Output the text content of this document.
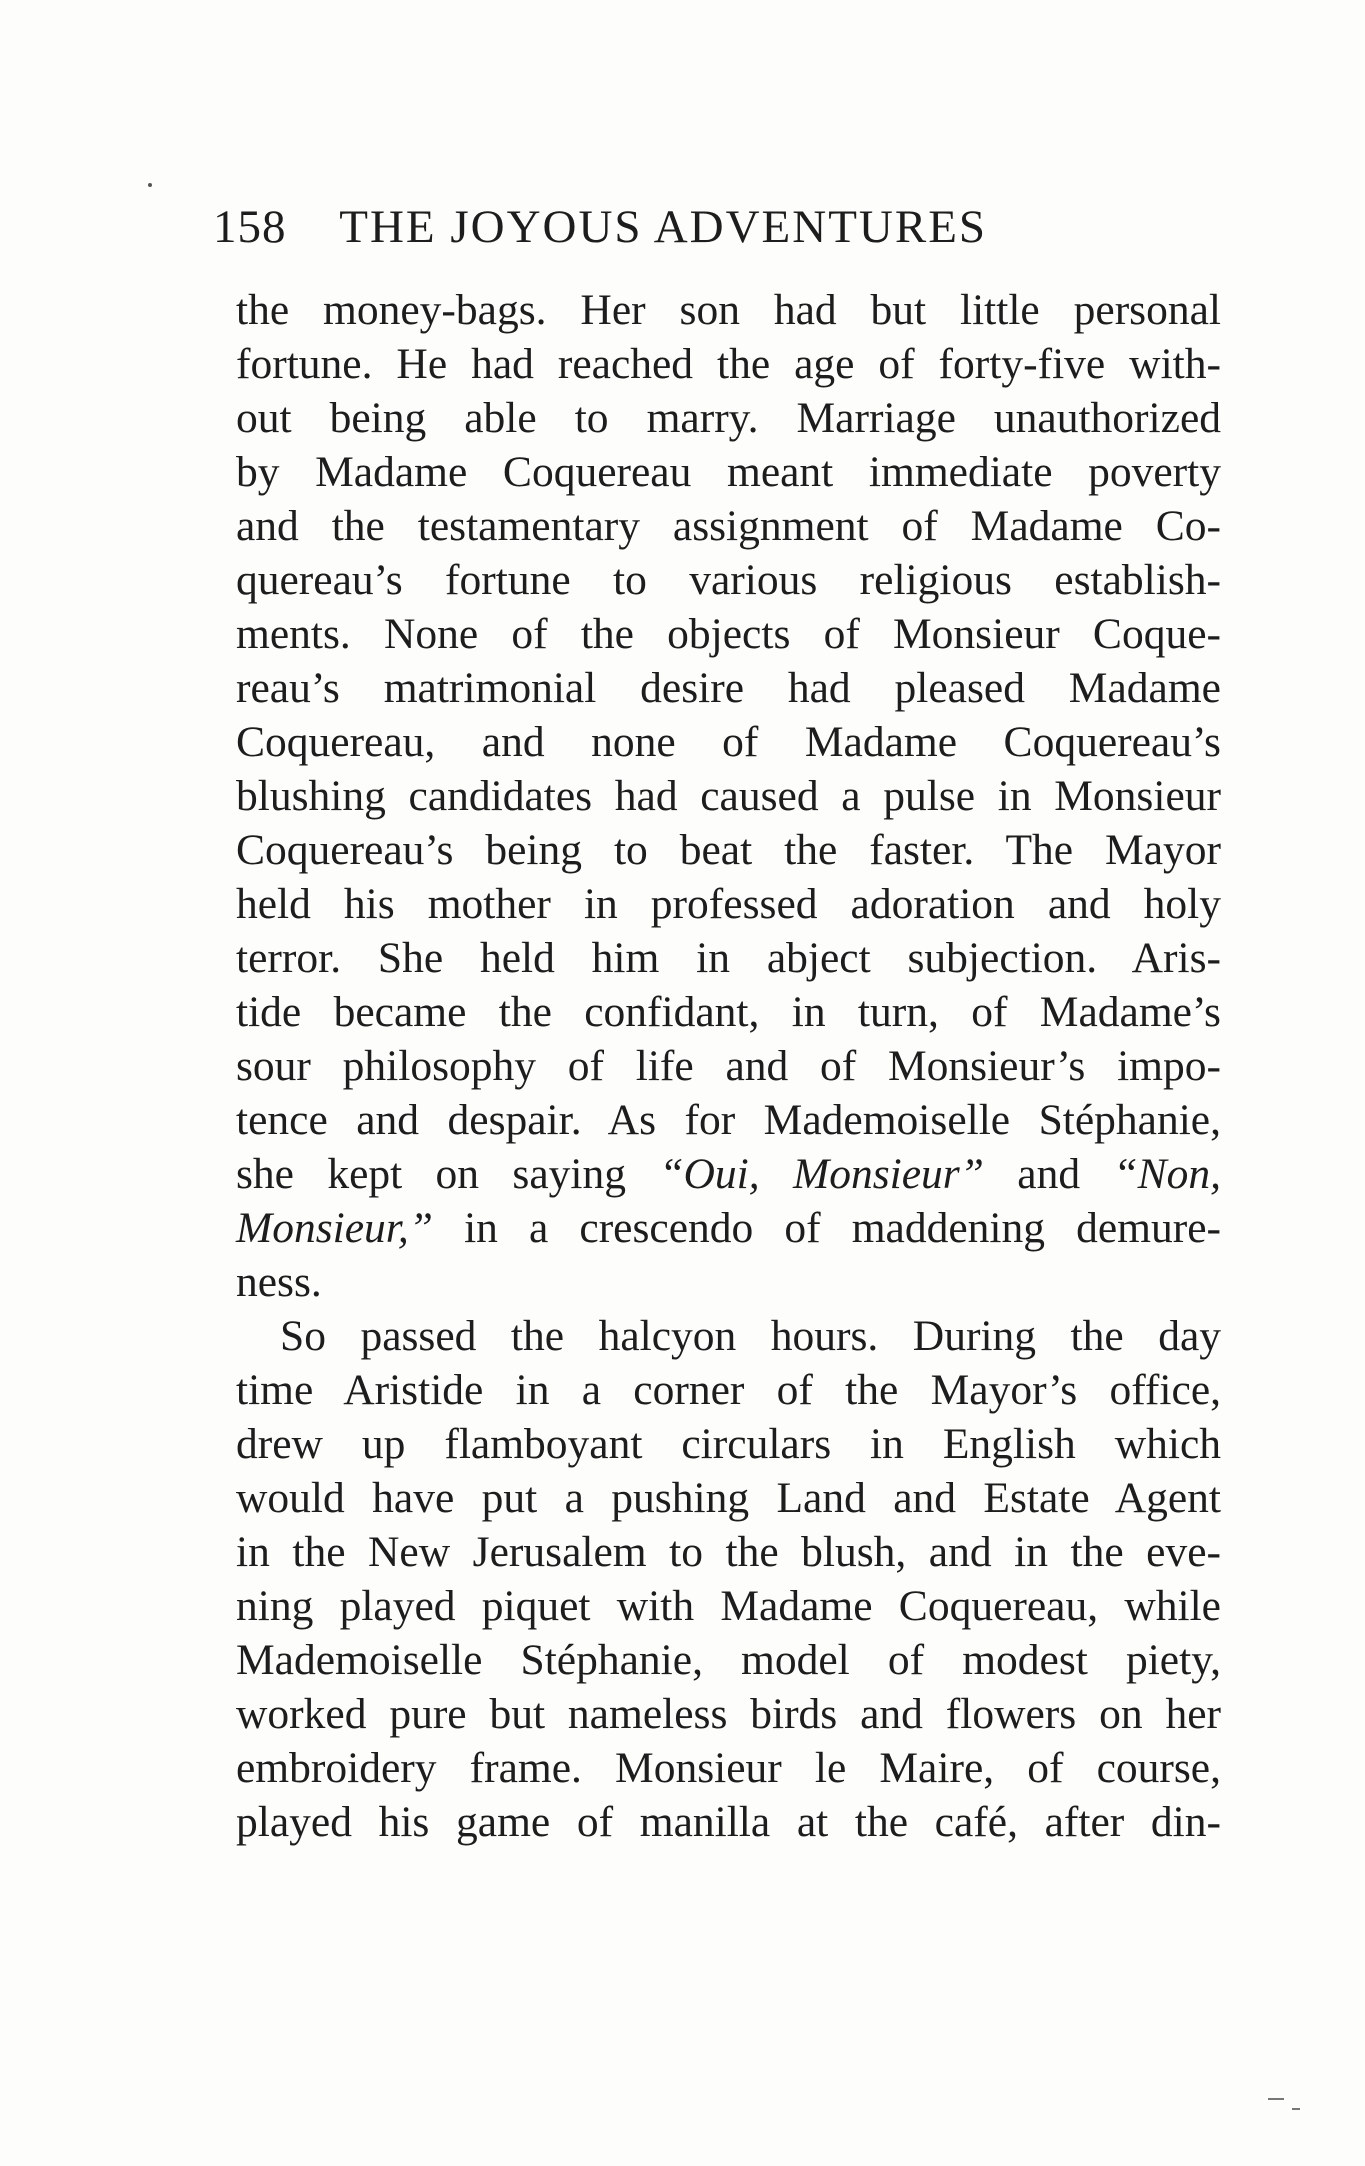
158 THE JOYOUS ADVENTURES
the money-bags. Her son had but little personal
fortune. He had reached the age of forty-five with-
out being able to marry. Marriage unauthorized
by Madame Coquereau meant immediate poverty
and the testamentary assignment of Madame Co-
quereau’s fortune to various religious establish-
ments. None of the objects of Monsieur Coque-
reau’s matrimonial desire had pleased Madame
Coquereau, and none of Madame Coquereau’s
blushing candidates had caused a pulse in Monsieur
Coquereau’s being to beat the faster. The Mayor
held his mother in professed adoration and holy
terror. She held him in abject subjection. Aris-
tide became the confidant, in turn, of Madame’s
sour philosophy of life and of Monsieur’s impo-
tence and despair. As for Mademoiselle Stéphanie,
she kept on saying “Oui, Monsieur” and “Non,
Monsieur,” in a crescendo of maddening demure-
ness.
So passed the halcyon hours. During the day
time Aristide in a corner of the Mayor’s office,
drew up flamboyant circulars in English which
would have put a pushing Land and Estate Agent
in the New Jerusalem to the blush, and in the eve-
ning played piquet with Madame Coquereau, while
Mademoiselle Stéphanie, model of modest piety,
worked pure but nameless birds and flowers on her
embroidery frame. Monsieur le Maire, of course,
played his game of manilla at the café, after din-
